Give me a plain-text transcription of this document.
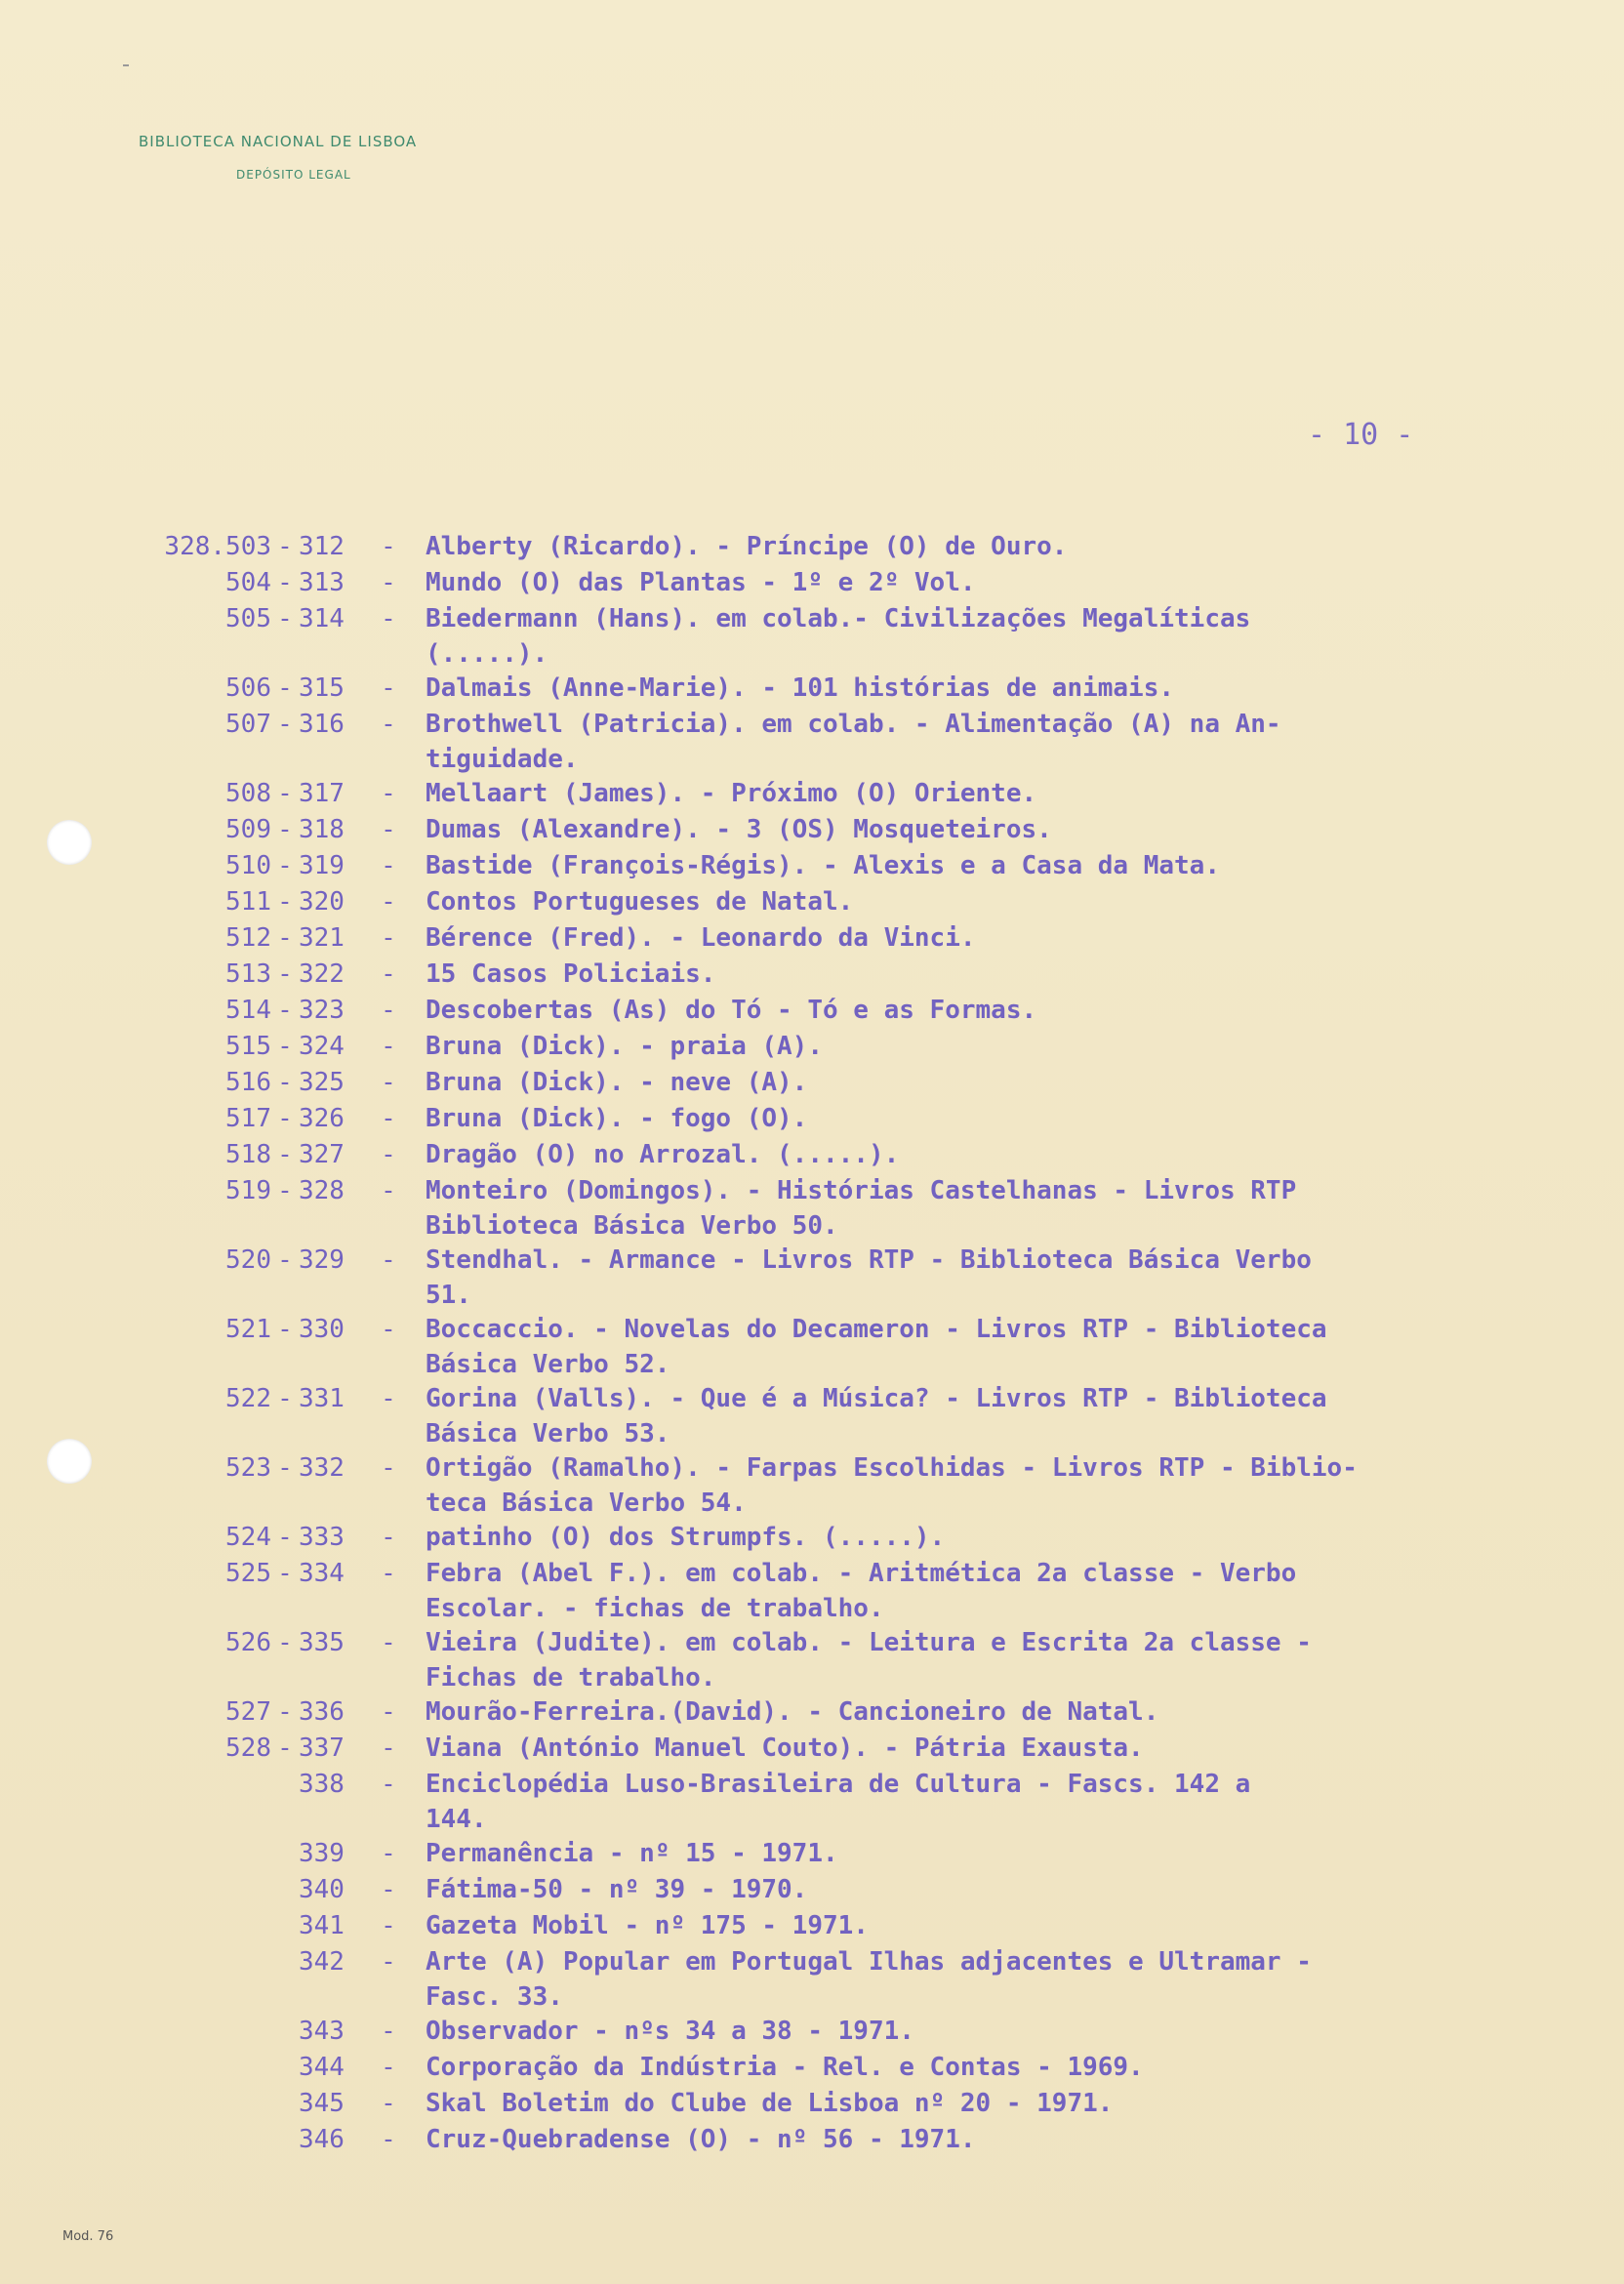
BIBLIOTECA NACIONAL DE LISBOA
DEPÓSITO LEGAL
- 10 -
328.503 - 312	- Alberty (Ricardo). - Príncipe (O) de Ouro.
504 - 313	- Mundo (O) das Plantas - 1º e 2º Vol.
505 - 314	- Biedermann (Hans). em colab.- Civilizações Megalíticas
(.....).
506 - 315	- Dalmais (Anne-Marie). - 101 histórias de animais.
507 - 316	- Brothwell (Patricia). em colab. - Alimentação (A) na An-
tiguidade.
508 - 317	- Mellaart (James). - Próximo (O) Oriente.
509 - 318	- Dumas (Alexandre). - 3 (OS) Mosqueteiros.
510 - 319	- Bastide (François-Régis). - Alexis e a Casa da Mata.
511 - 320	- Contos Portugueses de Natal.
512 - 321	- Bérence (Fred). - Leonardo da Vinci.
513 - 322	- 15 Casos Policiais.
514 - 323	- Descobertas (As) do Tó - Tó e as Formas.
515 - 324	- Bruna (Dick). - praia (A).
516 - 325	- Bruna (Dick). - neve (A).
517 - 326	- Bruna (Dick). - fogo (O).
518 - 327	- Dragão (O) no Arrozal. (.....).
519 - 328	- Monteiro (Domingos). - Histórias Castelhanas - Livros RTP
Biblioteca Básica Verbo 50.
520 - 329	- Stendhal. - Armance - Livros RTP - Biblioteca Básica Verbo
51.
521 - 330	- Boccaccio. - Novelas do Decameron - Livros RTP - Biblioteca
Básica Verbo 52.
522 - 331	- Gorina (Valls). - Que é a Música? - Livros RTP - Biblioteca
Básica Verbo 53.
523 - 332	- Ortigão (Ramalho). - Farpas Escolhidas - Livros RTP - Biblio-
teca Básica Verbo 54.
524 - 333	- patinho (O) dos Strumpfs. (.....).
525 - 334	- Febra (Abel F.). em colab. - Aritmética 2a classe - Verbo
Escolar. - fichas de trabalho.
526 - 335	- Vieira (Judite). em colab. - Leitura e Escrita 2a classe -
Fichas de trabalho.
527 - 336	- Mourão-Ferreira.(David). - Cancioneiro de Natal.
528 - 337	- Viana (António Manuel Couto). - Pátria Exausta.
338	- Enciclopédia Luso-Brasileira de Cultura - Fascs. 142 a
144.
339	- Permanência - nº 15 - 1971.
340	- Fátima-50 - nº 39 - 1970.
341	- Gazeta Mobil - nº 175 - 1971.
342	- Arte (A) Popular em Portugal Ilhas adjacentes e Ultramar -
Fasc. 33.
343	- Observador - nºs 34 a 38 - 1971.
344	- Corporação da Indústria - Rel. e Contas - 1969.
345	- Skal Boletim do Clube de Lisboa nº 20 - 1971.
346	- Cruz-Quebradense (O) - nº 56 - 1971.
Mod. 76
